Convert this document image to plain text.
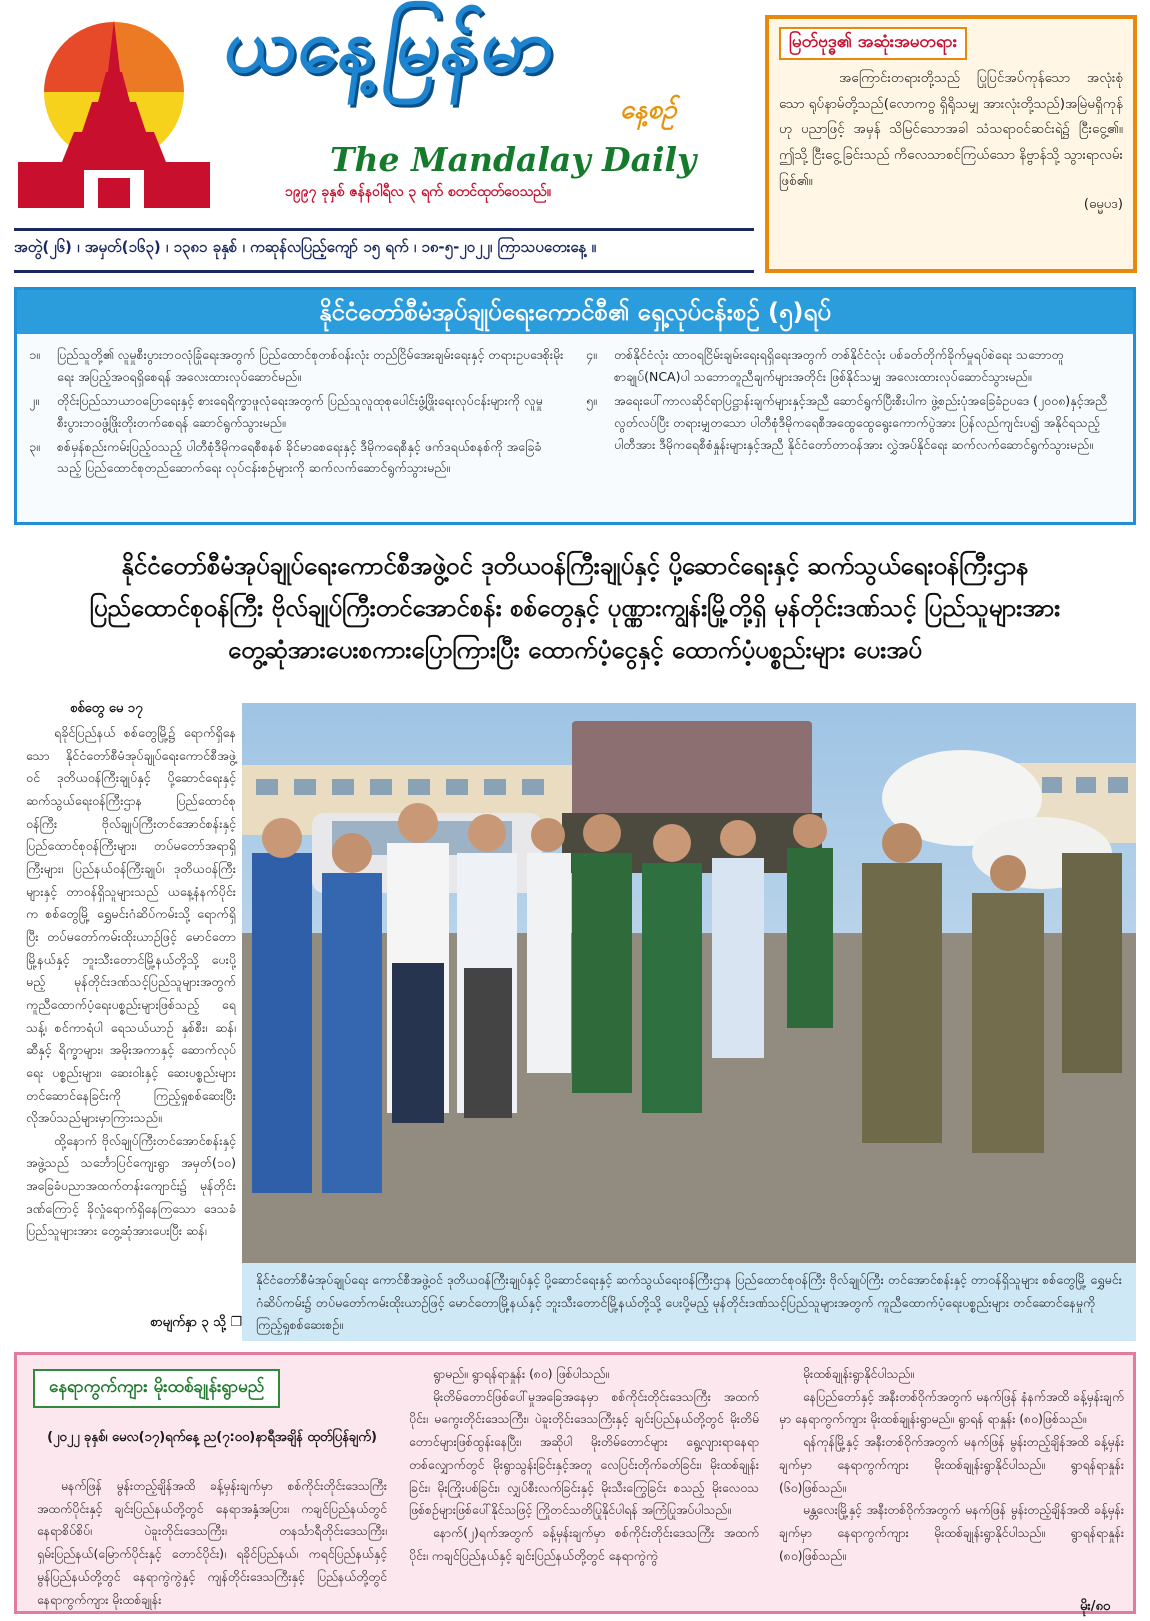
ယနေ့မြန်မာ
နေ့စဉ်
The Mandalay Daily
၁၉၉၇ ခုနှစ် ဇန်နဝါရီလ ၃ ရက် စတင်ထုတ်ဝေသည်။
မြတ်ဗုဒ္ဓ၏ အဆုံးအမတရား
အကြောင်းတရားတို့သည် ပြုပြင်အပ်ကုန်သော အလုံးစုံသော ရုပ်နာမ်တို့သည်(လောကဝ္ဗ ရှိရိုသမျှ အားလုံးတို့သည်)အမြဲမရှိကုန်ဟု ပညာဖြင့် အမှန် သိမြင်သောအခါ သံသရာဝင်ဆင်းရဲ၌ ငြီးငွေ့၏။ ဤသို့ ငြီးငွေ့ခြင်းသည် ကိလေသာစင်ကြယ်သော နိဗ္ဗာန်သို့ သွားရာလမ်းဖြစ်၏။
(ဓမ္မပဒ)
အတွဲ(၂၆) ၊ အမှတ်(၁၆၃) ၊ ၁၃၈၁ ခုနှစ် ၊ ကဆုန်လပြည့်ကျော် ၁၅ ရက် ၊ ၁၈-၅-၂၀၂၂၊ ကြာသပတေးနေ့ ။
နိုင်ငံတော်စီမံအုပ်ချုပ်ရေးကောင်စီ၏ ရှေ့လုပ်ငန်းစဉ် (၅)ရပ်
၁။	ပြည်သူတို့၏ လူမှုစီးပွားဘဝလုံခြုံရေးအတွက် ပြည်ထောင်စုတစ်ဝန်းလုံး တည်ငြိမ်အေးချမ်းရေးနှင့် တရားဥပဒေစိုးမိုးရေး အပြည့်အဝရရှိစေရန် အလေးထားလုပ်ဆောင်မည်။
၂။	တိုင်းပြည်သာယာဝပြောရေးနှင့် စားရေရိက္ခာဖူလုံရေးအတွက် ပြည်သူလူထုစုပေါင်းဖွံ့ဖြိုးရေးလုပ်ငန်းများကို လူမှုစီးပွားဘဝဖွံ့ဖြိုးတိုးတက်စေရန် ဆောင်ရွက်သွားမည်။
၃။	စစ်မှန်စည်းကမ်းပြည့်ဝသည့် ပါတီစုံဒီမိုကရေစီစနစ် ခိုင်မာစေရေးနှင့် ဒီမိုကရေစီနှင့် ဖက်ဒရယ်စနစ်ကို အခြေခံသည့် ပြည်ထောင်စုတည်ဆောက်ရေး လုပ်ငန်းစဉ်များကို ဆက်လက်ဆောင်ရွက်သွားမည်။
၄။	တစ်နိုင်ငံလုံး ထာဝရငြိမ်းချမ်းရေးရရှိရေးအတွက် တစ်နိုင်ငံလုံး ပစ်ခတ်တိုက်ခိုက်မှုရပ်စဲရေး သဘောတူစာချုပ်(NCA)ပါ သဘောတူညီချက်များအတိုင်း ဖြစ်နိုင်သမျှ အလေးထားလုပ်ဆောင်သွားမည်။
၅။	အရေးပေါ်ကာလဆိုင်ရာပြဋ္ဌာန်းချက်များနှင့်အညီ ဆောင်ရွက်ပြီးစီးပါက ဖွဲ့စည်းပုံအခြေခံဥပဒေ (၂၀၀၈)နှင့်အညီ လွတ်လပ်ပြီး တရားမျှတသော ပါတီစုံဒီမိုကရေစီအထွေထွေရွေးကောက်ပွဲအား ပြန်လည်ကျင်းပ၍ အနိုင်ရသည့်ပါတီအား ဒီမိုကရေစီစံနှုန်းများနှင့်အညီ နိုင်ငံတော်တာဝန်အား လွှဲအပ်နိုင်ရေး ဆက်လက်ဆောင်ရွက်သွားမည်။
နိုင်ငံတော်စီမံအုပ်ချုပ်ရေးကောင်စီအဖွဲ့ဝင် ဒုတိယဝန်ကြီးချုပ်နှင့် ပို့ဆောင်ရေးနှင့် ဆက်သွယ်ရေးဝန်ကြီးဌာန
ပြည်ထောင်စုဝန်ကြီး ဗိုလ်ချုပ်ကြီးတင်အောင်စန်း စစ်တွေနှင့် ပုဏ္ဏားကျွန်းမြို့တို့ရှိ မုန်တိုင်းဒဏ်သင့် ပြည်သူများအား
တွေ့ဆုံအားပေးစကားပြောကြားပြီး ထောက်ပံ့ငွေနှင့် ထောက်ပံ့ပစ္စည်းများ ပေးအပ်
စစ်တွေ မေ ၁၇

ရခိုင်ပြည်နယ် စစ်တွေမြို့၌ ရောက်ရှိနေသော နိုင်ငံတော်စီမံအုပ်ချုပ်ရေးကောင်စီအဖွဲ့ဝင် ဒုတိယဝန်ကြီးချုပ်နှင့် ပို့ဆောင်ရေးနှင့် ဆက်သွယ်ရေးဝန်ကြီးဌာန ပြည်ထောင်စုဝန်ကြီး ဗိုလ်ချုပ်ကြီးတင်အောင်စန်းနှင့် ပြည်ထောင်စုဝန်ကြီးများ၊ တပ်မတော်အရာရှိကြီးများ၊ ပြည်နယ်ဝန်ကြီးချုပ်၊ ဒုတိယဝန်ကြီးများနှင့် တာဝန်ရှိသူများသည် ယနေ့နံနက်ပိုင်းက စစ်တွေမြို့ ရွှေမင်းဂံဆိပ်ကမ်းသို့ ရောက်ရှိပြီး တပ်မတော်ကမ်းထိုးယာဉ်ဖြင့် မောင်တောမြို့နယ်နှင့် ဘူးသီးတောင်မြို့နယ်တို့သို့ ပေးပို့မည့် မုန်တိုင်းဒဏ်သင့်ပြည်သူများအတွက် ကူညီထောက်ပံ့ရေးပစ္စည်းများဖြစ်သည့် ရေသန့်၊ စင်ကာရံပါ ရေသယ်ယာဉ် နှစ်စီး၊ ဆန်၊ ဆီနှင့် ရိက္ခာများ၊ အမိုးအကာနှင့် ဆောက်လုပ်ရေး ပစ္စည်းများ၊ ဆေးဝါးနှင့် ဆေးပစ္စည်းများ တင်ဆောင်နေခြင်းကို ကြည့်ရှုစစ်ဆေးပြီး လိုအပ်သည်များမှာကြားသည်။

ထို့နောက် ဗိုလ်ချုပ်ကြီးတင်အောင်စန်းနှင့်အဖွဲ့သည် သင်္ဘောပြင်ကျေးရွာ အမှတ်(၁၀) အခြေခံပညာအထက်တန်းကျောင်း၌ မုန်တိုင်းဒဏ်ကြောင့် ခိုလှုံရောက်ရှိနေကြသော ဒေသခံပြည်သူများအား တွေ့ဆုံအားပေးပြီး ဆန်၊

စာမျက်နှာ ၃ သို့ ❐
နိုင်ငံတော်စီမံအုပ်ချုပ်ရေး ကောင်စီအဖွဲ့ဝင် ဒုတိယဝန်ကြီးချုပ်နှင့် ပို့ဆောင်ရေးနှင့် ဆက်သွယ်ရေးဝန်ကြီးဌာန ပြည်ထောင်စုဝန်ကြီး ဗိုလ်ချုပ်ကြီး တင်အောင်စန်းနှင့် တာဝန်ရှိသူများ စစ်တွေမြို့ ရွှေမင်းဂံဆိပ်ကမ်း၌ တပ်မတော်ကမ်းထိုးယာဉ်ဖြင့် မောင်တောမြို့နယ်နှင့် ဘူးသီးတောင်မြို့နယ်တို့သို့ ပေးပို့မည့် မုန်တိုင်းဒဏ်သင့်ပြည်သူများအတွက် ကူညီထောက်ပံ့ရေးပစ္စည်းများ တင်ဆောင်နေမှုကို ကြည့်ရှုစစ်ဆေးစဉ်။
နေရာကွက်ကျား မိုးထစ်ချုန်းရွာမည်
(၂၀၂၂ ခုနှစ်၊ မေလ(၁၇)ရက်နေ့ ည(၇:၀၀)နာရီအချိန် ထုတ်ပြန်ချက်)

မနက်ဖြန် မွန်းတည့်ချိန်အထိ ခန့်မှန်းချက်မှာ စစ်ကိုင်းတိုင်းဒေသကြီးအထက်ပိုင်းနှင့် ချင်းပြည်နယ်တို့တွင် နေရာအနှံ့အပြား၊ ကချင်ပြည်နယ်တွင် နေရာစိပ်စိပ်၊ ပဲခူးတိုင်းဒေသကြီး၊ တနင်္သာရီတိုင်းဒေသကြီး၊ ရှမ်းပြည်နယ်(မြောက်ပိုင်းနှင့် တောင်ပိုင်း)၊ ရခိုင်ပြည်နယ်၊ ကရင်ပြည်နယ်နှင့် မွန်ပြည်နယ်တို့တွင် နေရာကွဲကွဲနှင့် ကျန်တိုင်းဒေသကြီးနှင့် ပြည်နယ်တို့တွင် နေရာကွက်ကျား မိုးထစ်ချုန်း

ရွာမည်။ ရွာရန်ရာနှုန်း (၈၀) ဖြစ်ပါသည်။

မိုးတိမ်တောင်ဖြစ်ပေါ်မှုအခြေအနေမှာ စစ်ကိုင်းတိုင်းဒေသကြီး အထက်ပိုင်း၊ မကွေးတိုင်းဒေသကြီး၊ ပဲခူးတိုင်းဒေသကြီးနှင့် ချင်းပြည်နယ်တို့တွင် မိုးတိမ်တောင်များဖြစ်ထွန်းနေပြီး၊ အဆိုပါ မိုးတိမ်တောင်များ ရွေ့လျားရာနေရာတစ်လျှောက်တွင် မိုးရွာသွန်းခြင်းနှင့်အတူ လေပြင်းတိုက်ခတ်ခြင်း၊ မိုးထစ်ချုန်းခြင်း၊ မိုးကြိုးပစ်ခြင်း၊ လျှပ်စီးလက်ခြင်းနှင့် မိုးသီးကြွေခြင်း စသည့် မိုးလေဝသဖြစ်စဉ်များဖြစ်ပေါ်နိုင်သဖြင့် ကြိုတင်သတိပြုနိုင်ပါရန် အကြံပြုအပ်ပါသည်။

နောက်(၂)ရက်အတွက် ခန့်မှန်းချက်မှာ စစ်ကိုင်းတိုင်းဒေသကြီး အထက်ပိုင်း၊ ကချင်ပြည်နယ်နှင့် ချင်းပြည်နယ်တို့တွင် နေရာကွဲကွဲ

မိုးထစ်ချုန်းရွာနိုင်ပါသည်။

နေပြည်တော်နှင့် အနီးတစ်ဝိုက်အတွက် မနက်ဖြန် နံနက်အထိ ခန့်မှန်းချက်မှာ နေရာကွက်ကျား မိုးထစ်ချုန်းရွာမည်။ ရွာရန် ရာနှုန်း (၈၀)ဖြစ်သည်။

ရန်ကုန်မြို့နှင့် အနီးတစ်ဝိုက်အတွက် မနက်ဖြန် မွန်းတည့်ချိန်အထိ ခန့်မှန်းချက်မှာ နေရာကွက်ကျား မိုးထစ်ချုန်းရွာနိုင်ပါသည်။ ရွာရန်ရာနှုန်း (၆၀)ဖြစ်သည်။

မန္တလေးမြို့နှင့် အနီးတစ်ဝိုက်အတွက် မနက်ဖြန် မွန်းတည့်ချိန်အထိ ခန့်မှန်းချက်မှာ နေရာကွက်ကျား မိုးထစ်ချုန်းရွာနိုင်ပါသည်။ ရွာရန်ရာနှုန်း (၈၀)ဖြစ်သည်။

မိုး/၈၀
